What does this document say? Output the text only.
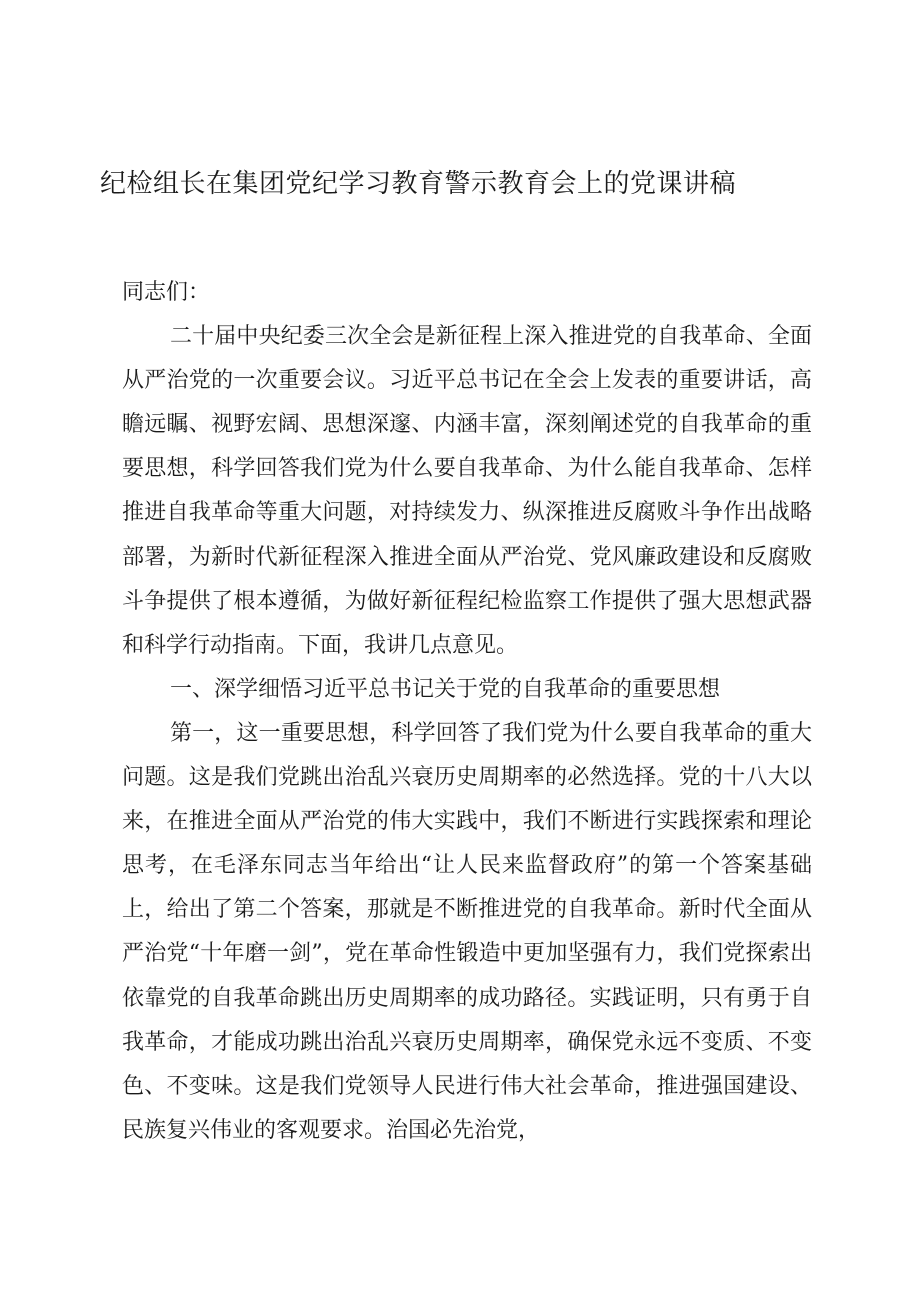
纪检组长在集团党纪学习教育警示教育会上的党课讲稿

同志们：

二十届中央纪委三次全会是新征程上深入推进党的自我革命、全面从严治党的一次重要会议。习近平总书记在全会上发表的重要讲话，高瞻远瞩、视野宏阔、思想深邃、内涵丰富，深刻阐述党的自我革命的重要思想，科学回答我们党为什么要自我革命、为什么能自我革命、怎样推进自我革命等重大问题，对持续发力、纵深推进反腐败斗争作出战略部署，为新时代新征程深入推进全面从严治党、党风廉政建设和反腐败斗争提供了根本遵循，为做好新征程纪检监察工作提供了强大思想武器和科学行动指南。下面，我讲几点意见。

一、深学细悟习近平总书记关于党的自我革命的重要思想

第一，这一重要思想，科学回答了我们党为什么要自我革命的重大问题。这是我们党跳出治乱兴衰历史周期率的必然选择。党的十八大以来，在推进全面从严治党的伟大实践中，我们不断进行实践探索和理论思考，在毛泽东同志当年给出“让人民来监督政府”的第一个答案基础上，给出了第二个答案，那就是不断推进党的自我革命。新时代全面从严治党“十年磨一剑”，党在革命性锻造中更加坚强有力，我们党探索出依靠党的自我革命跳出历史周期率的成功路径。实践证明，只有勇于自我革命，才能成功跳出治乱兴衰历史周期率，确保党永远不变质、不变色、不变味。这是我们党领导人民进行伟大社会革命，推进强国建设、民族复兴伟业的客观要求。治国必先治党，
